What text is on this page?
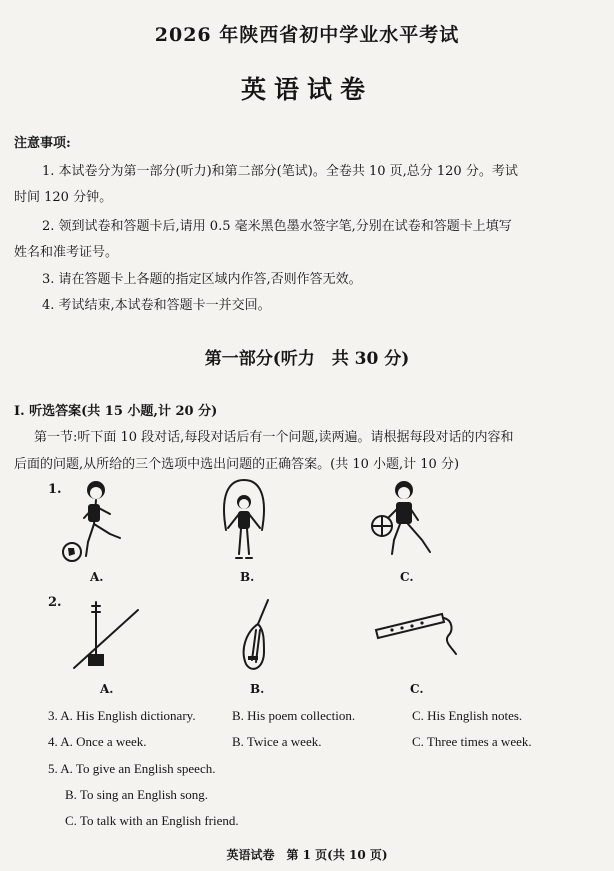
2026 年陕西省初中学业水平考试
英语试卷
注意事项:
1. 本试卷分为第一部分(听力)和第二部分(笔试)。全卷共 10 页,总分 120 分。考试
时间 120 分钟。
2. 领到试卷和答题卡后,请用 0.5 毫米黑色墨水签字笔,分别在试卷和答题卡上填写
姓名和准考证号。
3. 请在答题卡上各题的指定区域内作答,否则作答无效。
4. 考试结束,本试卷和答题卡一并交回。
第一部分(听力　共 30 分)
Ⅰ. 听选答案(共 15 小题,计 20 分)
第一节:听下面 10 段对话,每段对话后有一个问题,读两遍。请根据每段对话的内容和
后面的问题,从所给的三个选项中选出问题的正确答案。(共 10 小题,计 10 分)
1.
A.	B.	C.
2.
A.	B.	C.
3. A. His English dictionary.	B. His poem collection.	C. His English notes.
4. A. Once a week.	B. Twice a week.	C. Three times a week.
5. A. To give an English speech.
B. To sing an English song.
C. To talk with an English friend.
英语试卷　第 1 页(共 10 页)
